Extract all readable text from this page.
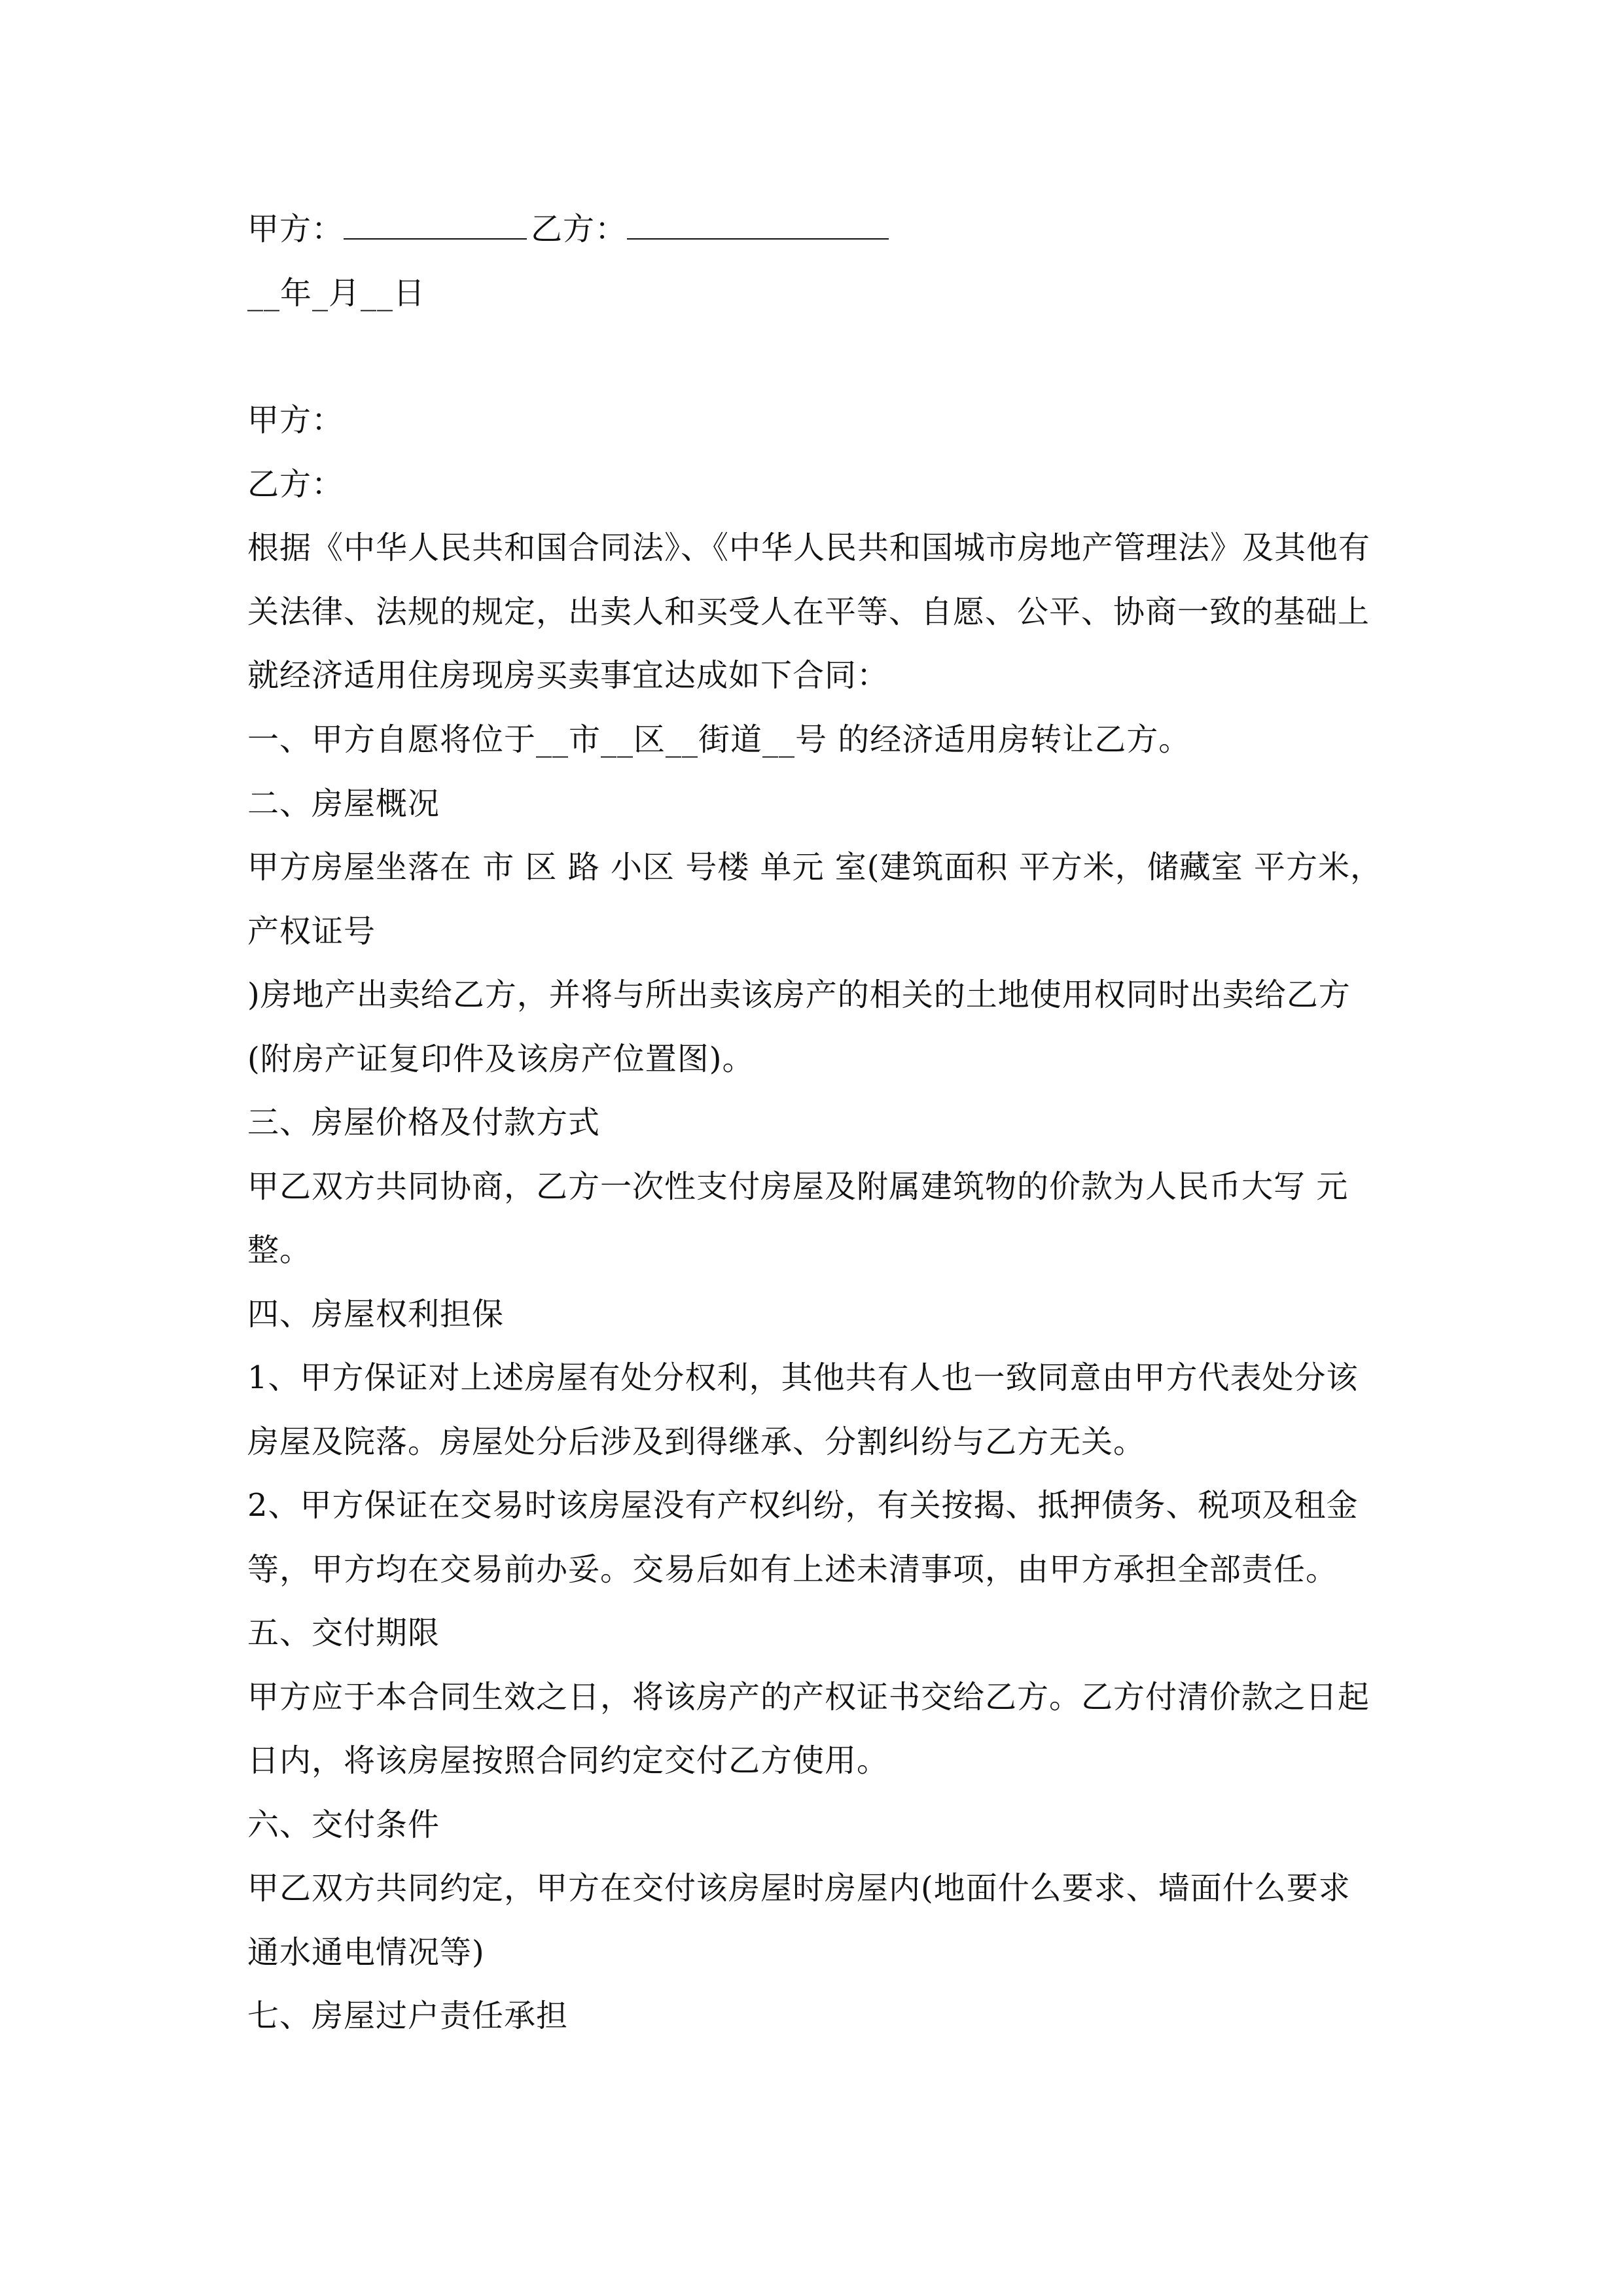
甲方：	乙方：
__年_月__日
甲方：
乙方：
根据《中华人民共和国合同法》、《中华人民共和国城市房地产管理法》及其他有
关法律、法规的规定，出卖人和买受人在平等、自愿、公平、协商一致的基础上
就经济适用住房现房买卖事宜达成如下合同：
一、甲方自愿将位于__市__区__街道__号 的经济适用房转让乙方。
二、房屋概况
甲方房屋坐落在 市 区 路 小区 号楼 单元 室(建筑面积 平方米，储藏室 平方米，
产权证号
)房地产出卖给乙方，并将与所出卖该房产的相关的土地使用权同时出卖给乙方
(附房产证复印件及该房产位置图)。
三、房屋价格及付款方式
甲乙双方共同协商，乙方一次性支付房屋及附属建筑物的价款为人民币大写 元
整。
四、房屋权利担保
1、甲方保证对上述房屋有处分权利，其他共有人也一致同意由甲方代表处分该
房屋及院落。房屋处分后涉及到得继承、分割纠纷与乙方无关。
2、甲方保证在交易时该房屋没有产权纠纷，有关按揭、抵押债务、税项及租金
等，甲方均在交易前办妥。交易后如有上述未清事项，由甲方承担全部责任。
五、交付期限
甲方应于本合同生效之日，将该房产的产权证书交给乙方。乙方付清价款之日起
日内，将该房屋按照合同约定交付乙方使用。
六、交付条件
甲乙双方共同约定，甲方在交付该房屋时房屋内(地面什么要求、墙面什么要求
通水通电情况等)
七、房屋过户责任承担
